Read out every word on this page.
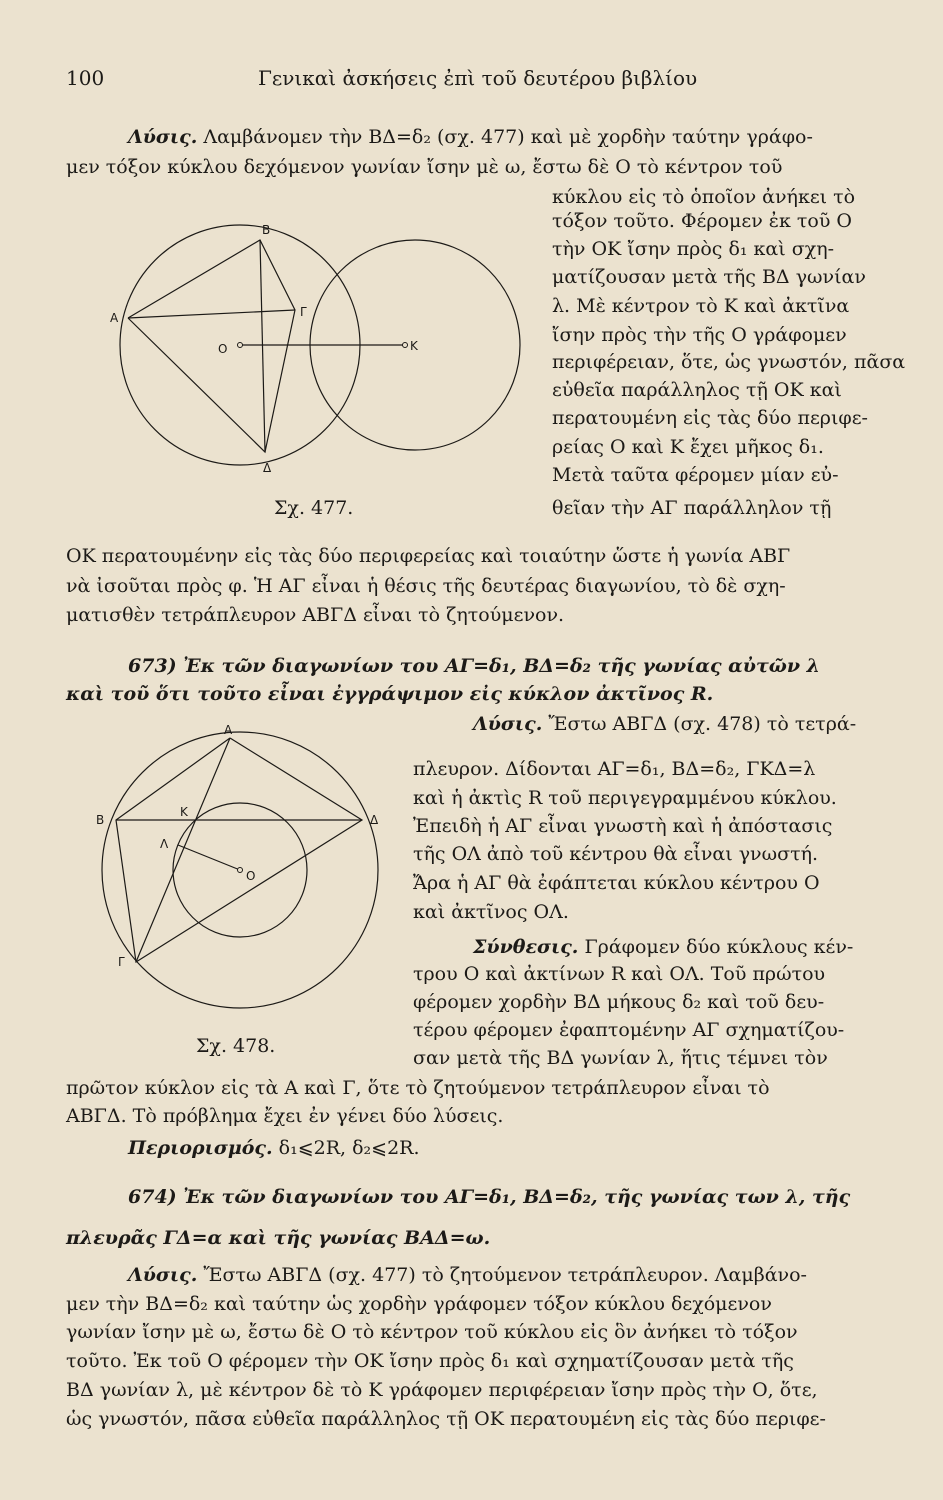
100	Γενικαὶ ἀσκήσεις ἐπὶ τοῦ δευτέρου βιβλίου
Λύσις. Λαμβάνομεν τὴν ΒΔ=δ₂ (σχ. 477) καὶ μὲ χορδὴν ταύτην γράφο-
μεν τόξον κύκλου δεχόμενον γωνίαν ἴσην μὲ ω, ἔστω δὲ Ο τὸ κέντρον τοῦ
κύκλου εἰς τὸ ὁποῖον ἀνήκει τὸ
τόξον τοῦτο. Φέρομεν ἐκ τοῦ Ο
τὴν ΟΚ ἴσην πρὸς δ₁ καὶ σχη-
ματίζουσαν μετὰ τῆς ΒΔ γωνίαν
λ. Μὲ κέντρον τὸ Κ καὶ ἀκτῖνα
ἴσην πρὸς τὴν τῆς Ο γράφομεν
περιφέρειαν, ὅτε, ὡς γνωστόν, πᾶσα
εὐθεῖα παράλληλος τῇ ΟΚ καὶ
περατουμένη εἰς τὰς δύο περιφε-
ρείας Ο καὶ Κ ἔχει μῆκος δ₁.
Μετὰ ταῦτα φέρομεν μίαν εὐ-
θεῖαν τὴν ΑΓ παράλληλον τῇ
B
A	Γ
O	K
Δ
Σχ. 477.
ΟΚ περατουμένην εἰς τὰς δύο περιφερείας καὶ τοιαύτην ὥστε ἡ γωνία ΑΒΓ
νὰ ἰσοῦται πρὸς φ. Ἡ ΑΓ εἶναι ἡ θέσις τῆς δευτέρας διαγωνίου, τὸ δὲ σχη-
ματισθὲν τετράπλευρον ΑΒΓΔ εἶναι τὸ ζητούμενον.
673) Ἐκ τῶν διαγωνίων του ΑΓ=δ₁, ΒΔ=δ₂ τῆς γωνίας αὐτῶν λ
καὶ τοῦ ὅτι τοῦτο εἶναι ἐγγράψιμον εἰς κύκλον ἀκτῖνος R.
Λύσις. Ἔστω ΑΒΓΔ (σχ. 478) τὸ τετρά-
πλευρον. Δίδονται ΑΓ=δ₁, ΒΔ=δ₂, ΓΚΔ=λ
καὶ ἡ ἀκτὶς R τοῦ περιγεγραμμένου κύκλου.
Ἐπειδὴ ἡ ΑΓ εἶναι γνωστὴ καὶ ἡ ἀπόστασις
τῆς ΟΛ ἀπὸ τοῦ κέντρου θὰ εἶναι γνωστή.
Ἄρα ἡ ΑΓ θὰ ἐφάπτεται κύκλου κέντρου Ο
καὶ ἀκτῖνος ΟΛ.
Σύνθεσις. Γράφομεν δύο κύκλους κέν-
τρου Ο καὶ ἀκτίνων R καὶ ΟΛ. Τοῦ πρώτου
φέρομεν χορδὴν ΒΔ μήκους δ₂ καὶ τοῦ δευ-
τέρου φέρομεν ἐφαπτομένην ΑΓ σχηματίζου-
σαν μετὰ τῆς ΒΔ γωνίαν λ, ἥτις τέμνει τὸν
A
B
K
Λ
O
Δ
Γ
Σχ. 478.
πρῶτον κύκλον εἰς τὰ Α καὶ Γ, ὅτε τὸ ζητούμενον τετράπλευρον εἶναι τὸ
ΑΒΓΔ. Τὸ πρόβλημα ἔχει ἐν γένει δύο λύσεις.
Περιορισμός. δ₁⩽2R, δ₂⩽2R.
674) Ἐκ τῶν διαγωνίων του ΑΓ=δ₁, ΒΔ=δ₂, τῆς γωνίας των λ, τῆς
πλευρᾶς ΓΔ=α καὶ τῆς γωνίας ΒΑΔ=ω.
Λύσις. Ἔστω ΑΒΓΔ (σχ. 477) τὸ ζητούμενον τετράπλευρον. Λαμβάνο-
μεν τὴν ΒΔ=δ₂ καὶ ταύτην ὡς χορδὴν γράφομεν τόξον κύκλου δεχόμενον
γωνίαν ἴσην μὲ ω, ἔστω δὲ Ο τὸ κέντρον τοῦ κύκλου εἰς ὃν ἀνήκει τὸ τόξον
τοῦτο. Ἐκ τοῦ Ο φέρομεν τὴν ΟΚ ἴσην πρὸς δ₁ καὶ σχηματίζουσαν μετὰ τῆς
ΒΔ γωνίαν λ, μὲ κέντρον δὲ τὸ Κ γράφομεν περιφέρειαν ἴσην πρὸς τὴν Ο, ὅτε,
ὡς γνωστόν, πᾶσα εὐθεῖα παράλληλος τῇ ΟΚ περατουμένη εἰς τὰς δύο περιφε-
